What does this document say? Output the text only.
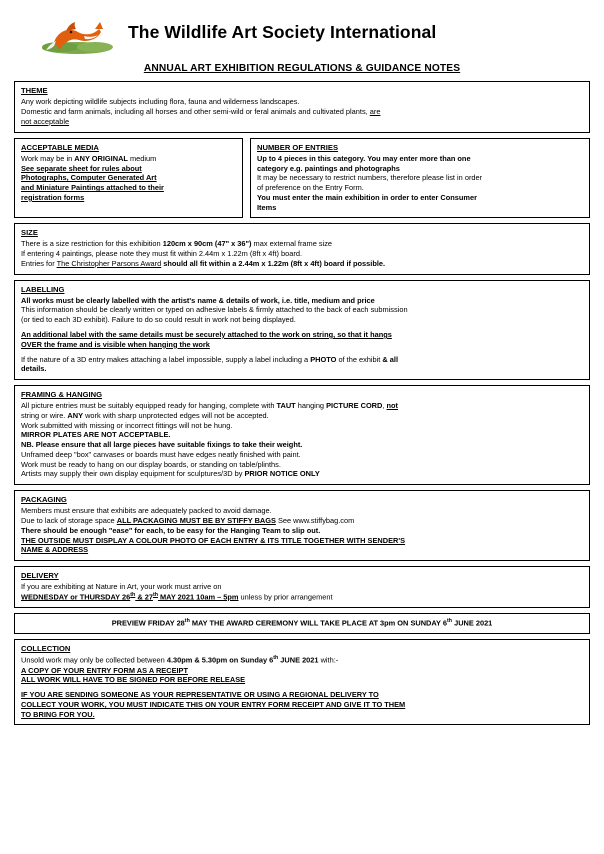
The Wildlife Art Society International
ANNUAL ART EXHIBITION REGULATIONS & GUIDANCE NOTES
THEME

Any work depicting wildlife subjects including flora, fauna and wilderness landscapes.

Domestic and farm animals, including all horses and other semi-wild or feral animals and cultivated plants, are

not acceptable

ACCEPTABLE MEDIA

Work may be in ANY ORIGINAL medium

See separate sheet for rules about

Photographs, Computer Generated Art

and Miniature Paintings attached to their

registration forms

NUMBER OF ENTRIES

Up to 4 pieces in this category. You may enter more than one

category e.g. paintings and photographs

It may be necessary to restrict numbers, therefore please list in order

of preference on the Entry Form.

You must enter the main exhibition in order to enter Consumer

Items

SIZE

There is a size restriction for this exhibition 120cm x 90cm (47" x 36") max external frame size

If entering 4 paintings, please note they must fit within 2.44m x 1.22m (8ft x 4ft) board.

Entries for The Christopher Parsons Award should all fit within a 2.44m x 1.22m (8ft x 4ft) board if possible.

LABELLING

All works must be clearly labelled with the artist's name & details of work, i.e. title, medium and price

This information should be clearly written or typed on adhesive labels & firmly attached to the back of each submission

(or tied to each 3D exhibit). Failure to do so could result in work not being displayed.

An additional label with the same details must be securely attached to the work on string, so that it hangs

OVER the frame and is visible when hanging the work

If the nature of a 3D entry makes attaching a label impossible, supply a label including a PHOTO of the exhibit & all

details.

FRAMING & HANGING

All picture entries must be suitably equipped ready for hanging, complete with TAUT hanging PICTURE CORD, not

string or wire. ANY work with sharp unprotected edges will not be accepted.

Work submitted with missing or incorrect fittings will not be hung.

MIRROR PLATES ARE NOT ACCEPTABLE.

NB. Please ensure that all large pieces have suitable fixings to take their weight.

Unframed deep "box" canvases or boards must have edges neatly finished with paint.

Work must be ready to hang on our display boards, or standing on table/plinths.

Artists may supply their own display equipment for sculptures/3D by PRIOR NOTICE ONLY

PACKAGING

Members must ensure that exhibits are adequately packed to avoid damage.

Due to lack of storage space ALL PACKAGING MUST BE BY STIFFY BAGS See www.stiffybag.com

There should be enough "ease" for each, to be easy for the Hanging Team to slip out.

THE OUTSIDE MUST DISPLAY A COLOUR PHOTO OF EACH ENTRY & ITS TITLE TOGETHER WITH SENDER'S

NAME & ADDRESS

DELIVERY

If you are exhibiting at Nature in Art, your work must arrive on

WEDNESDAY or THURSDAY 26th & 27th MAY 2021 10am – 5pm unless by prior arrangement

PREVIEW FRIDAY 28th MAY THE AWARD CEREMONY WILL TAKE PLACE AT 3pm ON SUNDAY 6th JUNE 2021

COLLECTION

Unsold work may only be collected between 4.30pm & 5.30pm on Sunday 6th JUNE 2021 with:-

A COPY OF YOUR ENTRY FORM AS A RECEIPT

ALL WORK WILL HAVE TO BE SIGNED FOR BEFORE RELEASE

IF YOU ARE SENDING SOMEONE AS YOUR REPRESENTATIVE OR USING A REGIONAL DELIVERY TO

COLLECT YOUR WORK, YOU MUST INDICATE THIS ON YOUR ENTRY FORM RECEIPT AND GIVE IT TO THEM

TO BRING FOR YOU.
